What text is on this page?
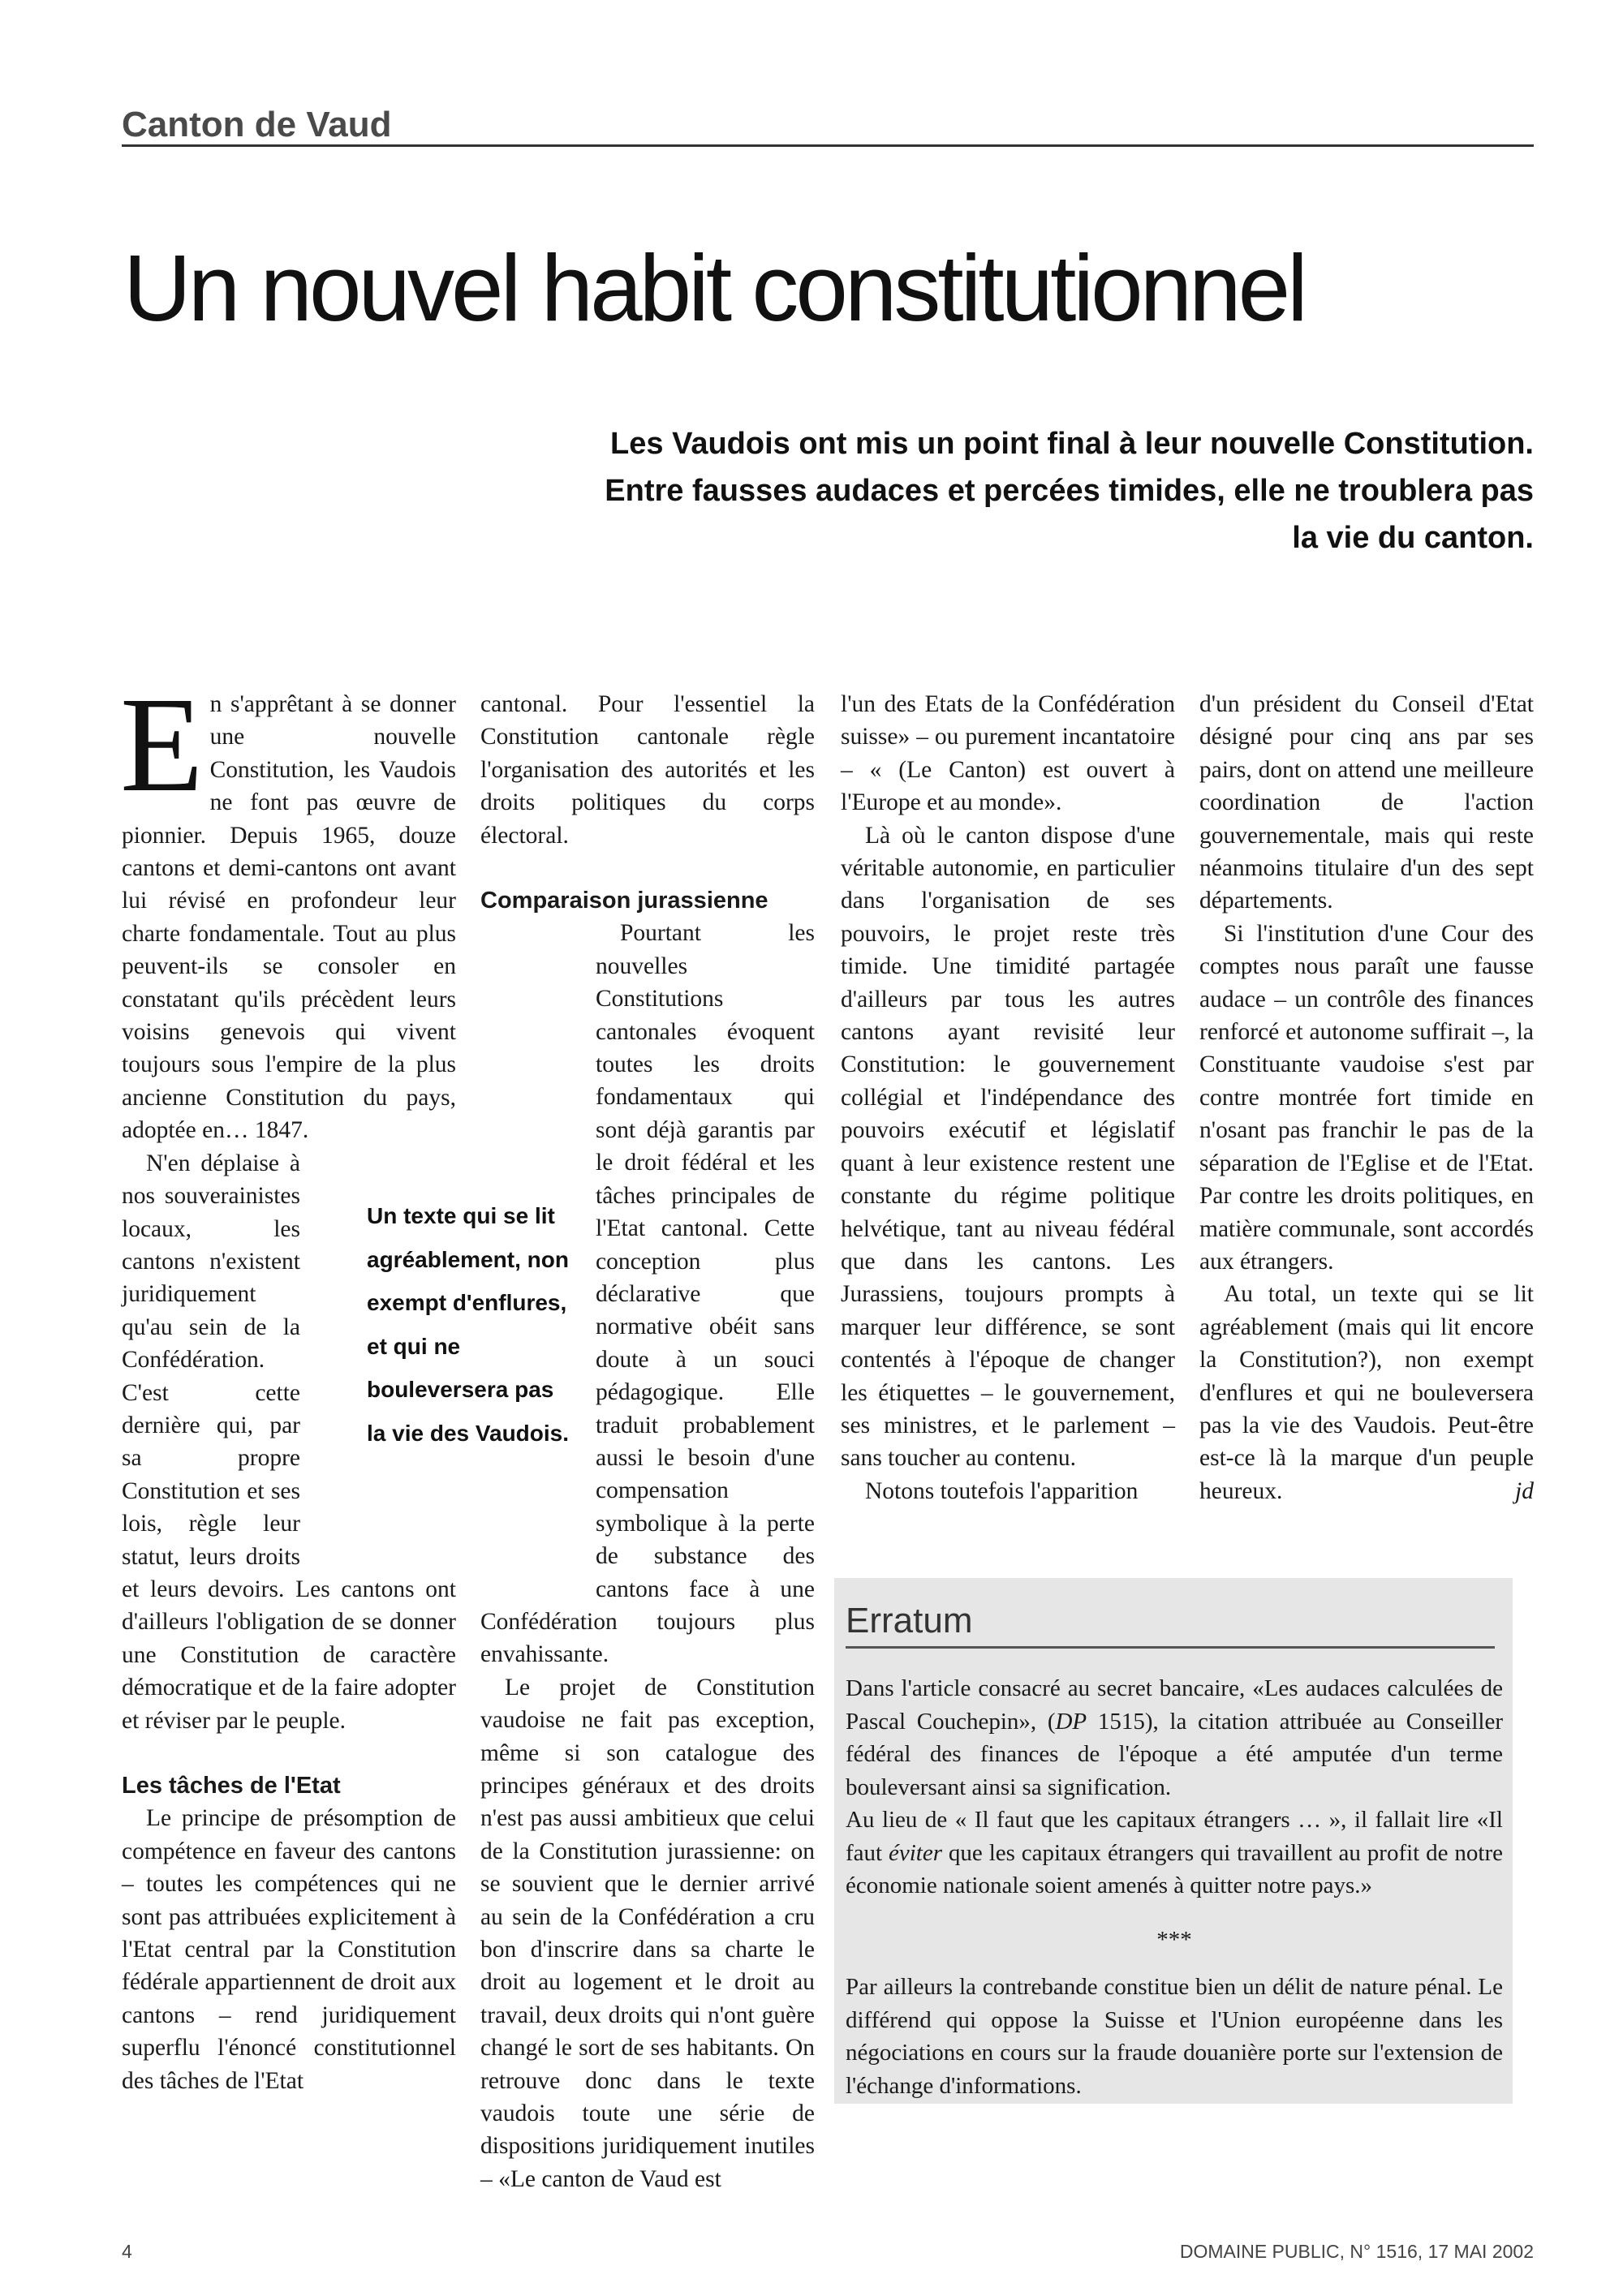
Canton de Vaud
Un nouvel habit constitutionnel
Les Vaudois ont mis un point final à leur nouvelle Constitution. Entre fausses audaces et percées timides, elle ne troublera pas la vie du canton.

En s'apprêtant à se donner une nouvelle Constitution, les Vaudois ne font pas œuvre de pionnier. Depuis 1965, douze cantons et demi-cantons ont avant lui révisé en profondeur leur charte fondamentale. Tout au plus peuvent-ils se consoler en constatant qu'ils précèdent leurs voisins genevois qui vivent toujours sous l'empire de la plus ancienne Constitution du pays, adoptée en… 1847.

N'en déplaise à nos souverainistes locaux, les cantons n'existent juridiquement qu'au sein de la Confédération. C'est cette dernière qui, par sa propre Constitution et ses lois, règle leur statut, leurs droits et leurs devoirs. Les cantons ont d'ailleurs l'obligation de se donner une Constitution de caractère démocratique et de la faire adopter et réviser par le peuple.

Les tâches de l'Etat

Le principe de présomption de compétence en faveur des cantons – toutes les compétences qui ne sont pas attribuées explicitement à l'Etat central par la Constitution fédérale appartiennent de droit aux cantons – rend juridiquement superflu l'énoncé constitutionnel des tâches de l'Etat

cantonal. Pour l'essentiel la Constitution cantonale règle l'organisation des autorités et les droits politiques du corps électoral.

Comparaison jurassienne

Pourtant les nouvelles Constitutions cantonales évoquent toutes les droits fondamentaux qui sont déjà garantis par le droit fédéral et les tâches principales de l'Etat cantonal. Cette conception plus déclarative que normative obéit sans doute à un souci pédagogique. Elle traduit probablement aussi le besoin d'une compensation symbolique à la perte de substance des cantons face à une Confédération toujours plus envahissante.

Le projet de Constitution vaudoise ne fait pas exception, même si son catalogue des principes généraux et des droits n'est pas aussi ambitieux que celui de la Constitution jurassienne: on se souvient que le dernier arrivé au sein de la Confédération a cru bon d'inscrire dans sa charte le droit au logement et le droit au travail, deux droits qui n'ont guère changé le sort de ses habitants. On retrouve donc dans le texte vaudois toute une série de dispositions juridiquement inutiles – «Le canton de Vaud est

Un texte qui se lit agréablement, non exempt d'enflures, et qui ne bouleversera pas la vie des Vaudois.

l'un des Etats de la Confédération suisse» – ou purement incantatoire – « (Le Canton) est ouvert à l'Europe et au monde».

Là où le canton dispose d'une véritable autonomie, en particulier dans l'organisation de ses pouvoirs, le projet reste très timide. Une timidité partagée d'ailleurs par tous les autres cantons ayant revisité leur Constitution: le gouvernement collégial et l'indépendance des pouvoirs exécutif et législatif quant à leur existence restent une constante du régime politique helvétique, tant au niveau fédéral que dans les cantons. Les Jurassiens, toujours prompts à marquer leur différence, se sont contentés à l'époque de changer les étiquettes – le gouvernement, ses ministres, et le parlement – sans toucher au contenu.

Notons toutefois l'apparition

d'un président du Conseil d'Etat désigné pour cinq ans par ses pairs, dont on attend une meilleure coordination de l'action gouvernementale, mais qui reste néanmoins titulaire d'un des sept départements.

Si l'institution d'une Cour des comptes nous paraît une fausse audace – un contrôle des finances renforcé et autonome suffirait –, la Constituante vaudoise s'est par contre montrée fort timide en n'osant pas franchir le pas de la séparation de l'Eglise et de l'Etat. Par contre les droits politiques, en matière communale, sont accordés aux étrangers.

Au total, un texte qui se lit agréablement (mais qui lit encore la Constitution?), non exempt d'enflures et qui ne bouleversera pas la vie des Vaudois. Peut-être est-ce là la marque d'un peuple heureux.	jd

Erratum

Dans l'article consacré au secret bancaire, «Les audaces calculées de Pascal Couchepin», (DP 1515), la citation attribuée au Conseiller fédéral des finances de l'époque a été amputée d'un terme bouleversant ainsi sa signification.

Au lieu de « Il faut que les capitaux étrangers … », il fallait lire «Il faut éviter que les capitaux étrangers qui travaillent au profit de notre économie nationale soient amenés à quitter notre pays.»

***

Par ailleurs la contrebande constitue bien un délit de nature pénal. Le différend qui oppose la Suisse et l'Union européenne dans les négociations en cours sur la fraude douanière porte sur l'extension de l'échange d'informations.

4	DOMAINE PUBLIC, N° 1516, 17 MAI 2002
